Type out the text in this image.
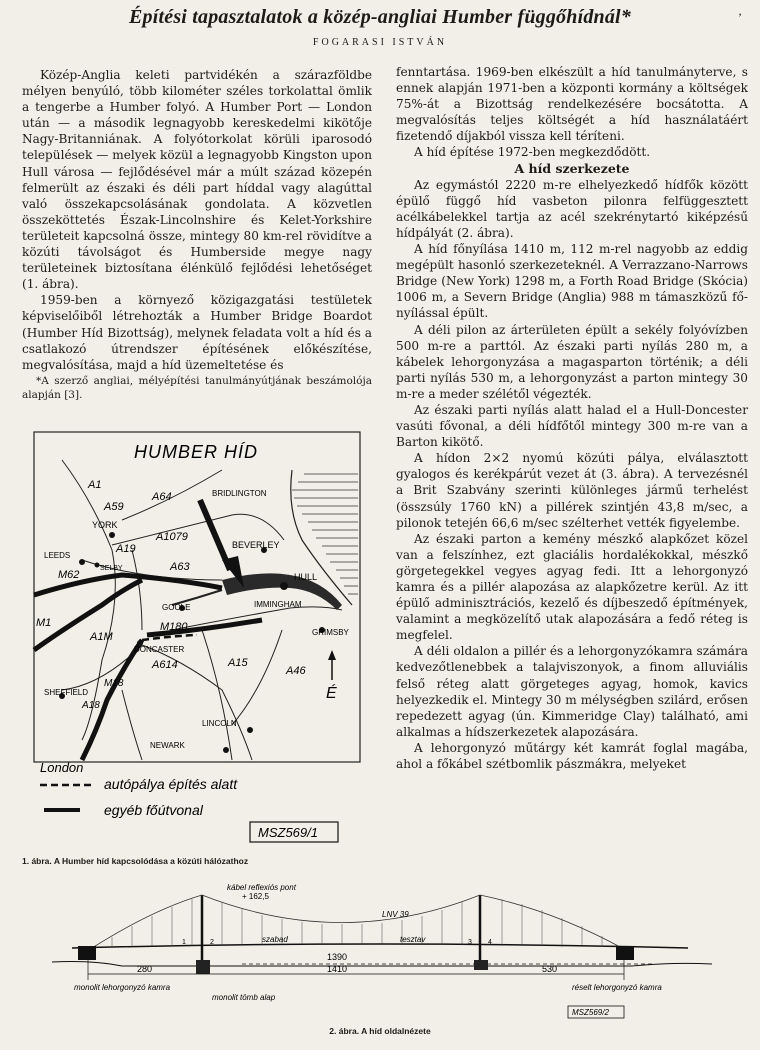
Építési tapasztalatok a közép-angliai Humber függőhídnál*	’
FOGARASI ISTVÁN

Közép-Anglia keleti partvidékén a szárazföldbe mélyen benyúló, több kilométer széles torkolattal ömlik a tengerbe a Humber folyó. A Humber Port — London után — a második legnagyobb kereskedelmi kikötője Nagy-Britanniának. A folyótorkolat körüli iparosodó települések — melyek közül a legnagyobb Kingston upon Hull városa — fejlődésével már a múlt század közepén felmerült az északi és déli part híddal vagy alagúttal való összekapcsolásának gondolata. A közvetlen összeköttetés Észak-Lincolnshire és Kelet-Yorkshire területeit kapcsolná össze, mintegy 80 km-rel rövidítve a közúti távolságot és Humberside megye nagy területeinek biztosítana élénkülő fejlődési lehetőséget (1. ábra).

1959-ben a környező közigazgatási testületek képviselőiből létrehozták a Humber Bridge Boardot (Humber Híd Bizottság), melynek feladata volt a híd és a csatlakozó útrendszer építésének előkészítése, megvalósítása, majd a híd üzemeltetése és

*A szerző angliai, mélyépítési tanulmányútjának beszámolója alapján [3].

fenntartása. 1969-ben elkészült a híd tanulmányterve, s ennek alapján 1971-ben a központi kormány a költségek 75%-át a Bizottság rendelkezésére bocsátotta. A megvalósítás teljes költségét a híd használatáért fizetendő díjakból vissza kell téríteni.

A híd építése 1972-ben megkezdődött.

A híd szerkezete

Az egymástól 2220 m-re elhelyezkedő hídfők között épülő függő híd vasbeton pilonra felfüggesztett acélkábelekkel tartja az acél szekrénytartó kiképzésű hídpályát (2. ábra).

A híd főnyílása 1410 m, 112 m-rel nagyobb az eddig megépült hasonló szerkezeteknél. A Verrazzano-Narrows Bridge (New York) 1298 m, a Forth Road Bridge (Skócia) 1006 m, a Severn Bridge (Anglia) 988 m támaszközű fő-nyílással épült.

A déli pilon az árterületen épült a sekély folyóvízben 500 m-re a parttól. Az északi parti nyílás 280 m, a kábelek lehorgonyzása a magasparton történik; a déli parti nyílás 530 m, a lehorgonyzást a parton mintegy 30 m-re a meder szélétől végezték.

Az északi parti nyílás alatt halad el a Hull-Doncester vasúti fővonal, a déli hídfőtől mintegy 300 m-re van a Barton kikötő.

A hídon 2×2 nyomú közúti pálya, elválasztott gyalogos és kerékpárút vezet át (3. ábra). A tervezésnél a Brit Szabvány szerinti különleges jármű terhelést (összsúly 1760 kN) a pillérek szintjén 43,8 m/sec, a pilonok tetején 66,6 m/sec szélterhet vették figyelembe.

Az északi parton a kemény mészkő alapkőzet közel van a felszínhez, ezt glaciális hordalékokkal, mészkő görgetegekkel vegyes agyag fedi. Itt a lehorgonyzó kamra és a pillér alapozása az alapkőzetre kerül. Az itt épülő adminisztrációs, kezelő és díjbeszedő építmények, valamint a megközelítő utak alapozására a fedő réteg is megfelel.

A déli oldalon a pillér és a lehorgonyzókamra számára kedvezőtlenebbek a talajviszonyok, a finom alluviális felső réteg alatt görgeteges agyag, homok, kavics helyezkedik el. Mintegy 30 m mélységben szilárd, erősen repedezett agyag (ún. Kimmeridge Clay) található, ami alkalmas a hídszerkezetek alapozására.

A lehorgonyzó műtárgy két kamrát foglal magába, ahol a főkábel szétbomlik pászmákra, melyeket

É
HUMBER HÍD
BRIDLINGTON
YORK
BEVERLEY
LEEDS
SELBY
HULL
GOOLE	IMMINGHAM
GRIMSBY
DONCASTER
SHEFFIELD
LINCOLN
NEWARK
London
A1
A59
A64
A1079
A19
A63
M62
M1
A1M
M180
A614	A15
A46
M18
A18
autópálya építés alatt
egyéb főútvonal
MSZ569/1
1. ábra. A Humber híd kapcsolódása a közúti hálózathoz
kábel reflexiós pont
+ 162,5
LNV 39
szabad	tesztav
280
1390
530
1410
1	2	3 4
monolit lehorgonyzó kamra
monolit tömb alap
réselt lehorgonyzó kamra
MSZ569/2
2. ábra. A híd oldalnézete
